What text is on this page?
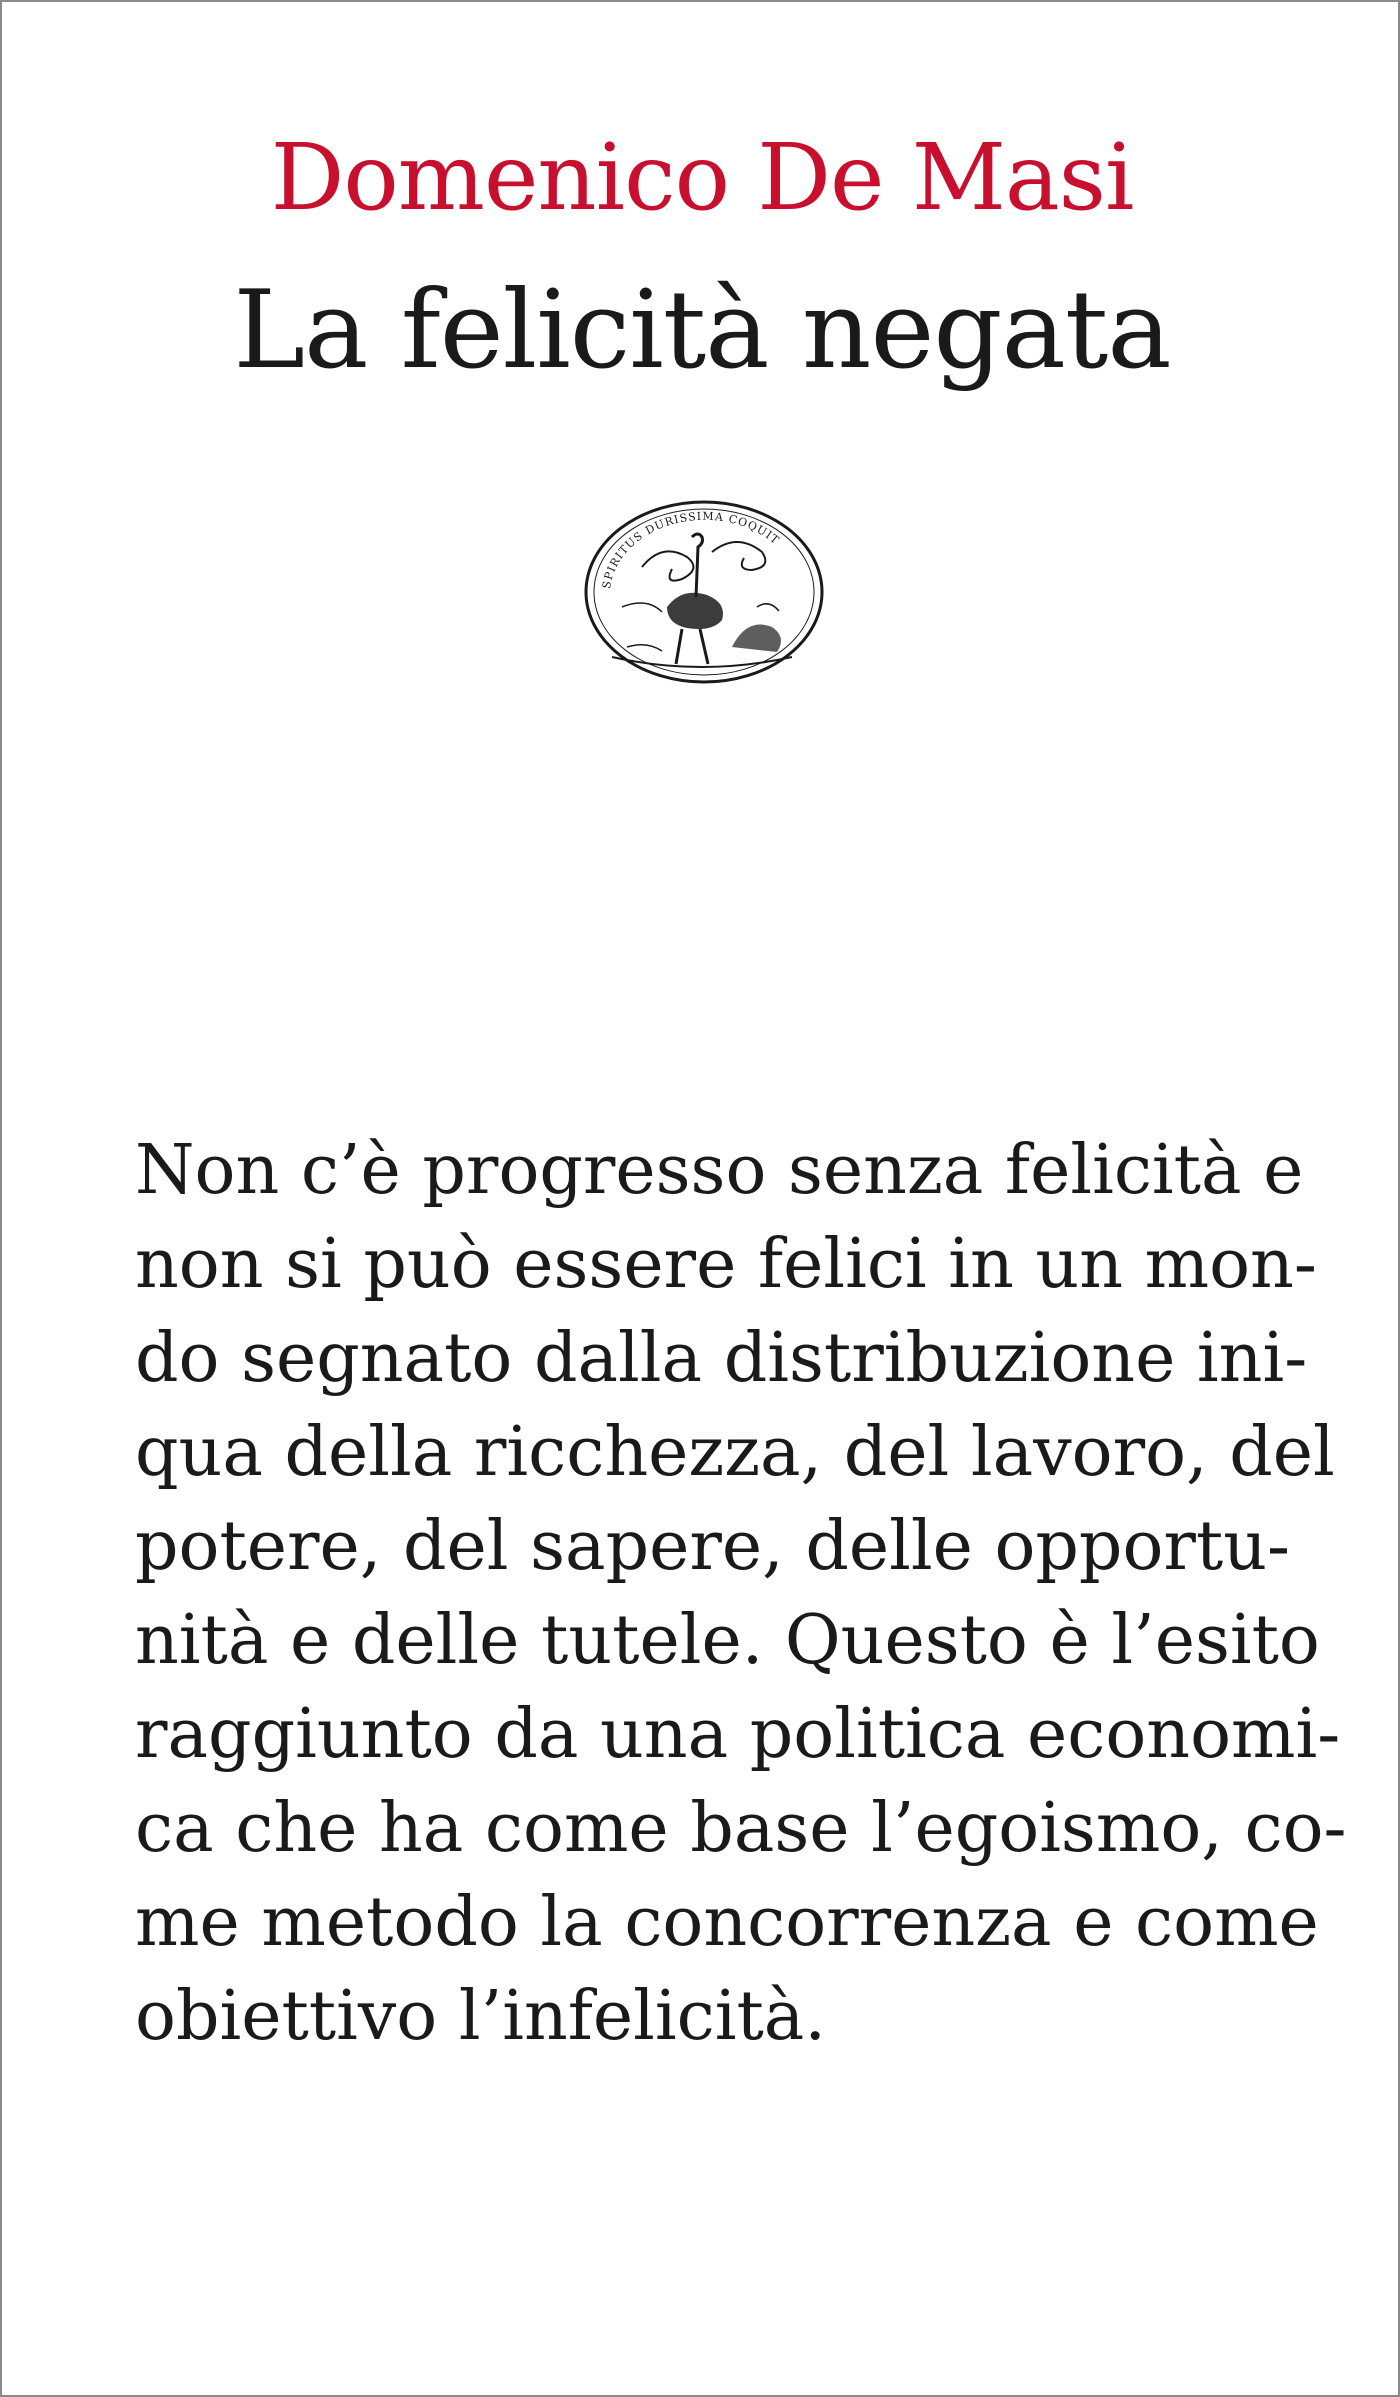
Domenico De Masi
La felicità negata
SPIRITUS DURISSIMA COQUIT
Non c’è progresso senza felicità e
non si può essere felici in un mon-
do segnato dalla distribuzione ini-
qua della ricchezza, del lavoro, del
potere, del sapere, delle opportu-
nità e delle tutele. Questo è l’esito
raggiunto da una politica economi-
ca che ha come base l’egoismo, co-
me metodo la concorrenza e come
obiettivo l’infelicità.
